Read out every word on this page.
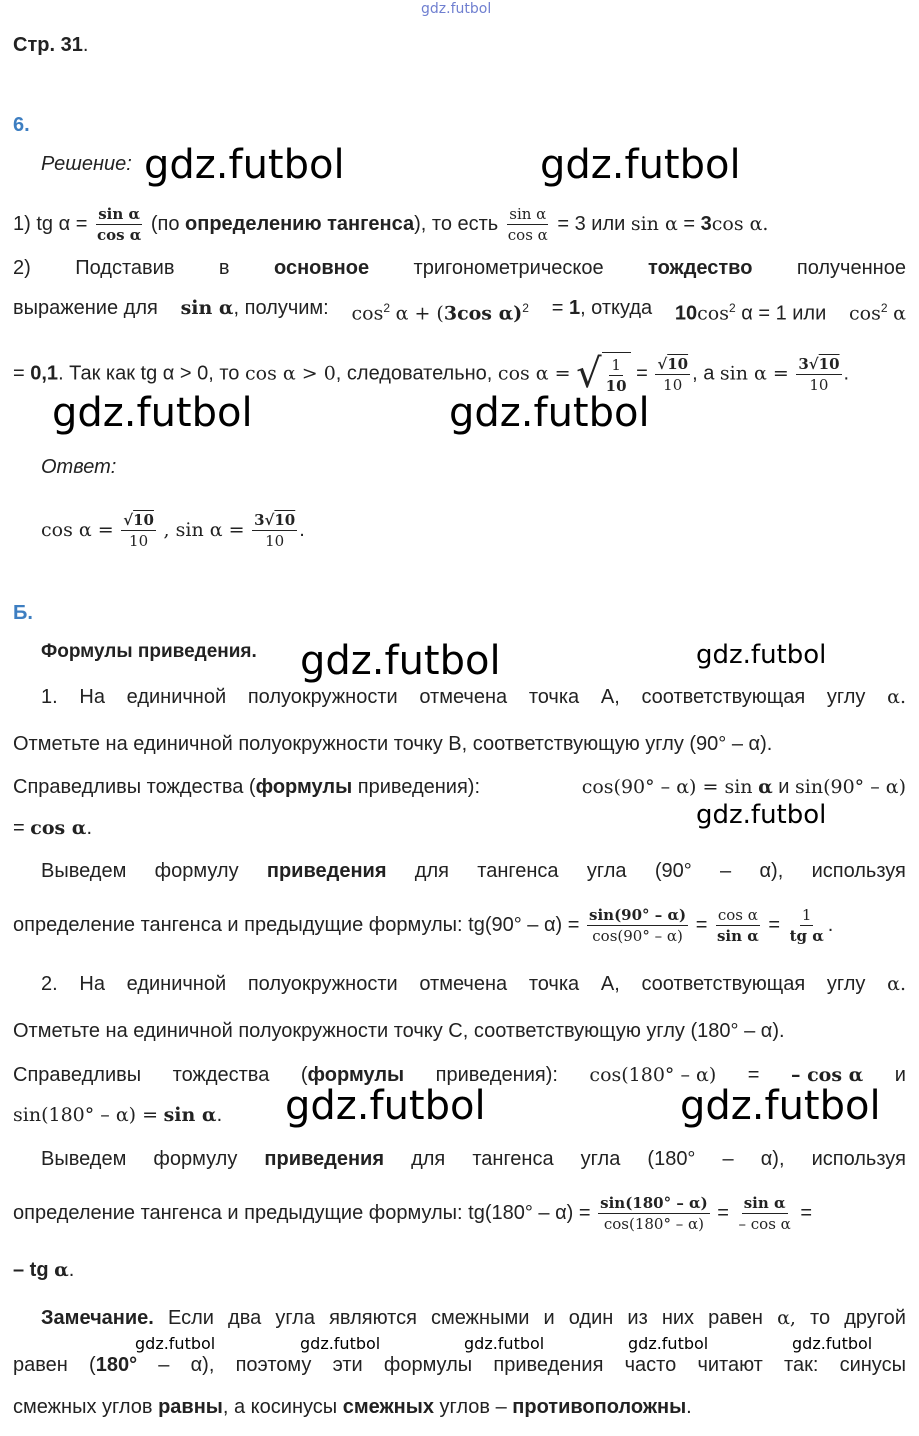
gdz.futbol
Стр. 31.
6.
Решение:
1) tg $\alpha = \frac{\text{sin α}}{\text{cos α}} (по$ определению тангенса), то есть $\frac{\text{sin α}}{\text{cos α}} = 3$ или sin α = 3cos α.
2) Подставив в основное тригонометрическое тождество полученное
выражение для sin α, получим: $\cos^2 \alpha + (3\cos$ α)$^2$ = 1, откуда $10\cos^2$ α = 1 или $\cos^2 \alpha$
= 0,1. Так как tg α > 0, то cos α > 0, следовательно, cos α = √ $\frac{1}{10} = \frac{√10}{10}$ , а $\sin \alpha = \frac{3√10}{10}$ .
Ответ:
$\cos \alpha = \frac{√10}{10}$ , $\sin \alpha = \frac{3√10}{10}$ .
Б.
Формулы приведения.
1. На единичной полуокружности отмечена точка А, соответствующая углу α.
Отметьте на единичной полуокружности точку В, соответствующую углу (90° – α).
Справедливы тождества (формулы приведения):	cos(90° – α) = sin α и sin(90° – α)
= cos α.
Выведем формулу приведения для тангенса угла (90° – α), используя
определение тангенса и предыдущие формулы: $tg(90^\circ - \alpha) = \frac{\sin(90^\circ - \alpha)}{\cos(90^\circ - \alpha)} = \frac{\text{cos α}}{\text{sin α}} = \frac{1}{\text{tg α}}$ .
2. На единичной полуокружности отмечена точка А, соответствующая углу α.
Отметьте на единичной полуокружности точку С, соответствующую углу (180° – α).
Справедливы тождества (формулы приведения): cos(180° – α) = – cos α и
sin(180° – α) = sin α.
Выведем формулу приведения для тангенса угла (180° – α), используя
определение тангенса и предыдущие формулы: $tg(180^\circ - \alpha) = \frac{\sin(180^\circ - \alpha)}{\cos(180^\circ - \alpha)} = \frac{\text{sin α}}{\text{– cos α}}$ =
– tg α.
Замечание. Если два угла являются смежными и один из них равен α, то другой
равен (180° – α), поэтому эти формулы приведения часто читают так: синусы
смежных углов равны, а косинусы смежных углов – противоположны.
gdz.futbol	gdz.futbol
gdz.futbol	gdz.futbol
gdz.futbol	gdz.futbol
gdz.futbol
gdz.futbol	gdz.futbol
gdz.futbol	gdz.futbol	gdz.futbol	gdz.futbol	gdz.futbol
